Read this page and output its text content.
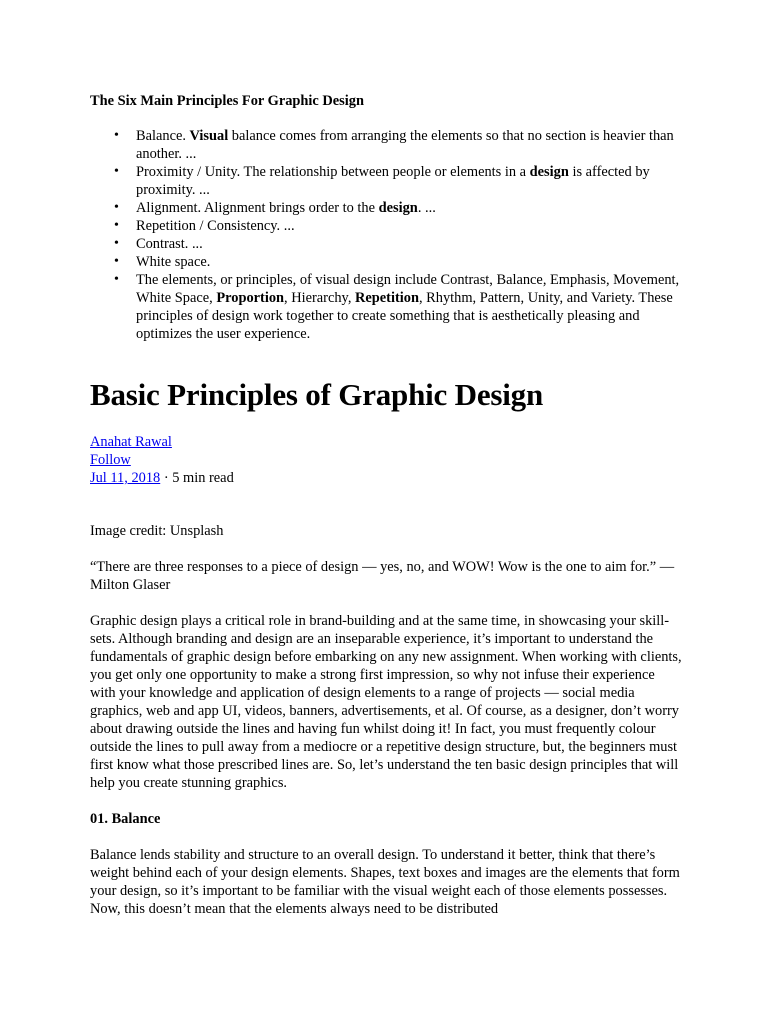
The Six Main Principles For Graphic Design
• Balance. Visual balance comes from arranging the elements so that no section is heavier than another. ...
• Proximity / Unity. The relationship between people or elements in a design is affected by proximity. ...
• Alignment. Alignment brings order to the design. ...
• Repetition / Consistency. ...
• Contrast. ...
• White space.
• The elements, or principles, of visual design include Contrast, Balance, Emphasis, Movement, White Space, Proportion, Hierarchy, Repetition, Rhythm, Pattern, Unity, and Variety. These principles of design work together to create something that is aesthetically pleasing and optimizes the user experience.
Basic Principles of Graphic Design
Anahat Rawal
Follow
Jul 11, 2018 · 5 min read

Image credit: Unsplash

“There are three responses to a piece of design — yes, no, and WOW! Wow is the one to aim for.” — Milton Glaser

Graphic design plays a critical role in brand-building and at the same time, in showcasing your skill-sets. Although branding and design are an inseparable experience, it’s important to understand the fundamentals of graphic design before embarking on any new assignment. When working with clients, you get only one opportunity to make a strong first impression, so why not infuse their experience with your knowledge and application of design elements to a range of projects — social media graphics, web and app UI, videos, banners, advertisements, et al. Of course, as a designer, don’t worry about drawing outside the lines and having fun whilst doing it! In fact, you must frequently colour outside the lines to pull away from a mediocre or a repetitive design structure, but, the beginners must first know what those prescribed lines are. So, let’s understand the ten basic design principles that will help you create stunning graphics.

01. Balance

Balance lends stability and structure to an overall design. To understand it better, think that there’s weight behind each of your design elements. Shapes, text boxes and images are the elements that form your design, so it’s important to be familiar with the visual weight each of those elements possesses. Now, this doesn’t mean that the elements always need to be distributed
